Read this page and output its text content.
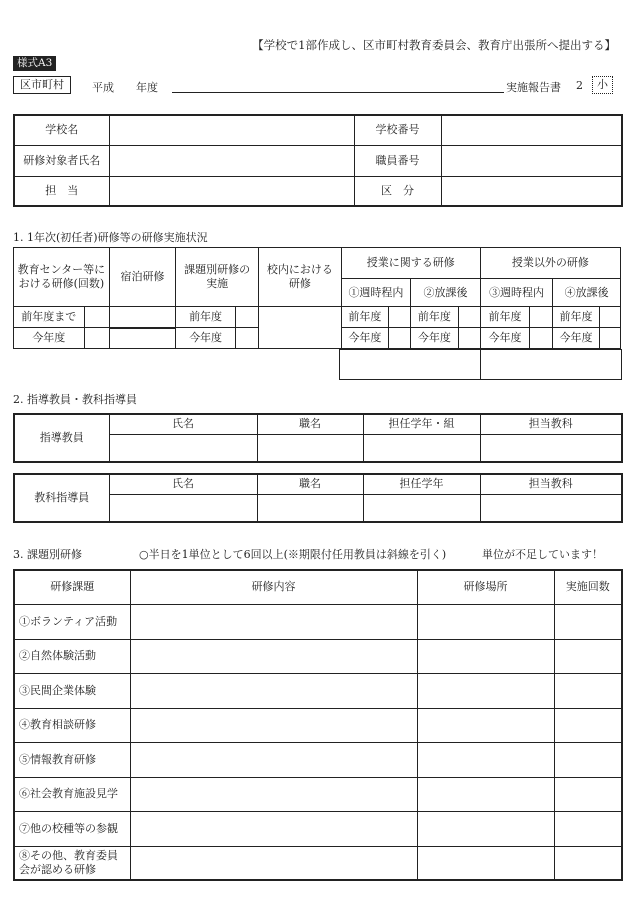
【学校で1部作成し、区市町村教育委員会、教育庁出張所へ提出する】
様式A3
区市町村	平成 年度	実施報告書 2	小
学校名		学校番号	
研修対象者氏名		職員番号	
担　当		区　分	
1. 1年次(初任者)研修等の研修実施状況
教育センター等における研修(回数)		宿泊研修	課題別研修の実施		校内における研修	授業に関する研修				授業以外の研修			
						①週時程内		②放課後		③週時程内		④放課後	
前年度まで			前年度			前年度		前年度		前年度		前年度	
今年度			今年度			今年度		今年度		今年度		今年度	
2. 指導教員・教科指導員
指導教員	氏名	職名	担任学年・組	担当教科

教科指導員	氏名	職名	担任学年	担当教科

3. 課題別研修	○半日を1単位として6回以上(※期限付任用教員は斜線を引く)	単位が不足しています！
研修課題	研修内容	研修場所	実施回数
①ボランティア活動			
②自然体験活動			
③民間企業体験			
④教育相談研修			
⑤情報教育研修			
⑥社会教育施設見学			
⑦他の校種等の参観			
⑧その他、教育委員会が認める研修			
